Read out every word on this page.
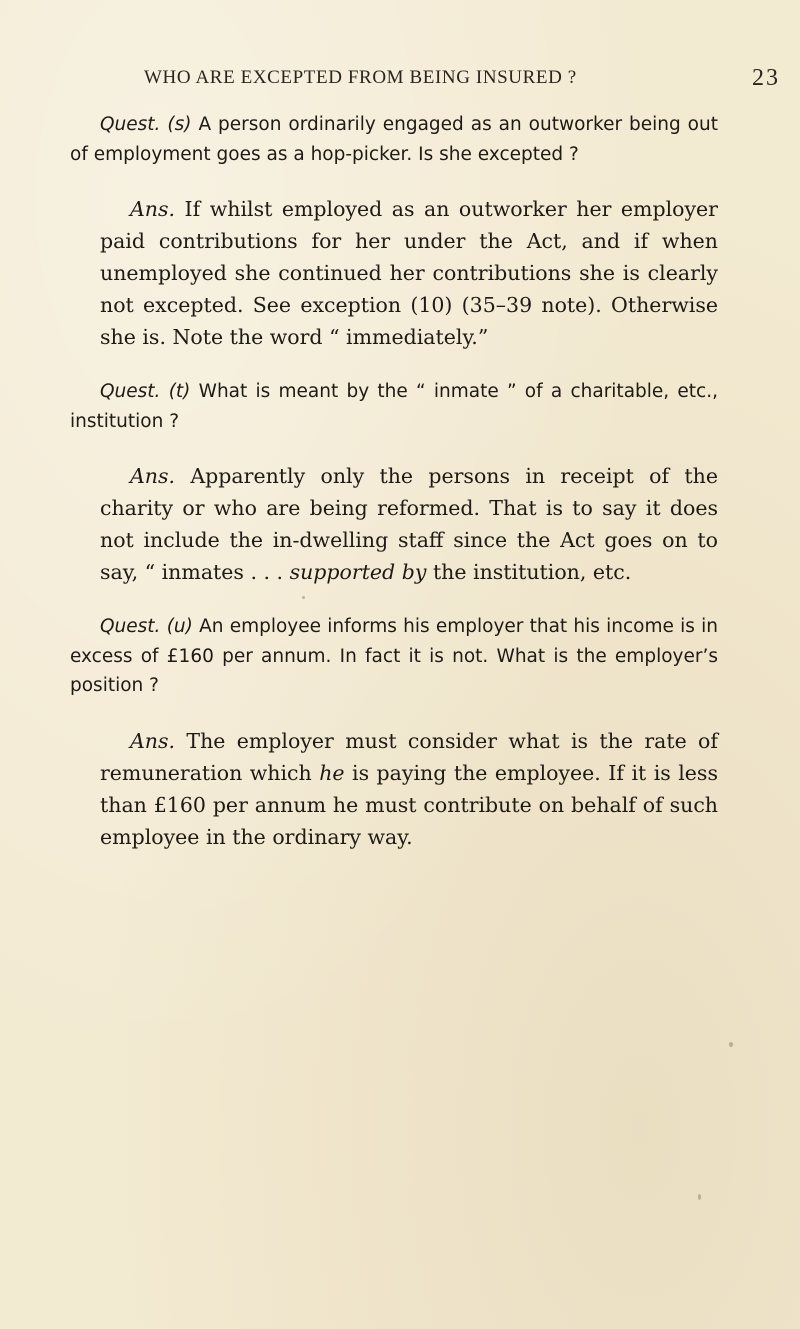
WHO ARE EXCEPTED FROM BEING INSURED ?	23

Quest. (s) A person ordinarily engaged as an outworker being out of employment goes as a hop-picker. Is she excepted ?

Ans. If whilst employed as an outworker her employer paid contributions for her under the Act, and if when unemployed she continued her contributions she is clearly not excepted. See exception (10) (35–39 note). Otherwise she is. Note the word “ immediately.”

Quest. (t) What is meant by the “ inmate ” of a charitable, etc., institution ?

Ans. Apparently only the persons in receipt of the charity or who are being reformed. That is to say it does not include the in-dwelling staff since the Act goes on to say, “ inmates . . . supported by the institution, etc.

Quest. (u) An employee informs his employer that his income is in excess of £160 per annum. In fact it is not. What is the employer’s position ?

Ans. The employer must consider what is the rate of remuneration which he is paying the employee. If it is less than £160 per annum he must contribute on behalf of such employee in the ordinary way.
